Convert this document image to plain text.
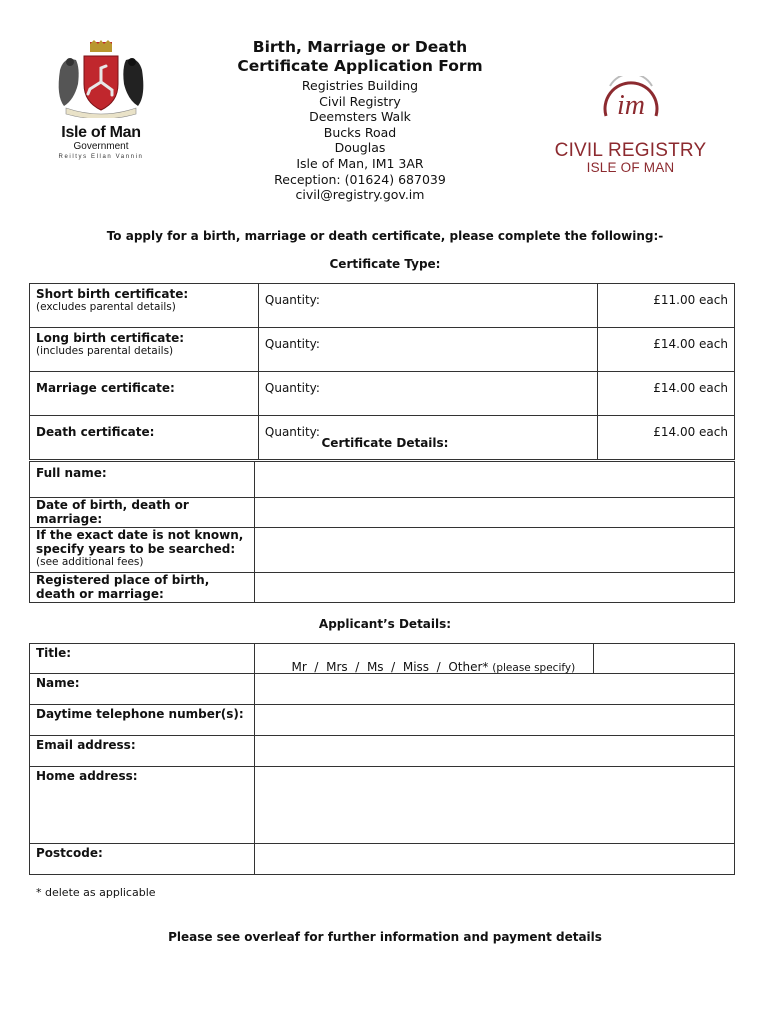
Isle of Man
Government
Reiltys Ellan Vannin
Birth, Marriage or Death
Certificate Application Form
Registries Building
Civil Registry
Deemsters Walk
Bucks Road
Douglas
Isle of Man, IM1 3AR
Reception: (01624) 687039
civil@registry.gov.im
im
CIVIL REGISTRY
ISLE OF MAN
To apply for a birth, marriage or death certificate, please complete the following:-
Certificate Type:
Short birth certificate:
(excludes parental details)	Quantity:	£11.00 each
Long birth certificate:
(includes parental details)	Quantity:	£14.00 each
Marriage certificate:	Quantity:	£14.00 each
Death certificate:	Quantity:	£14.00 each
Certificate Details:
Full name:	
Date of birth, death or marriage:	
If the exact date is not known, specify years to be searched:
(see additional fees)	

Registered place of birth, death or marriage:	
Applicant’s Details:
Title:	Mr  /  Mrs  /  Ms  /  Miss  /  Other* (please specify)

Name:	
Daytime telephone number(s):	
Email address:	
Home address:	
Postcode:	
* delete as applicable
Please see overleaf for further information and payment details
